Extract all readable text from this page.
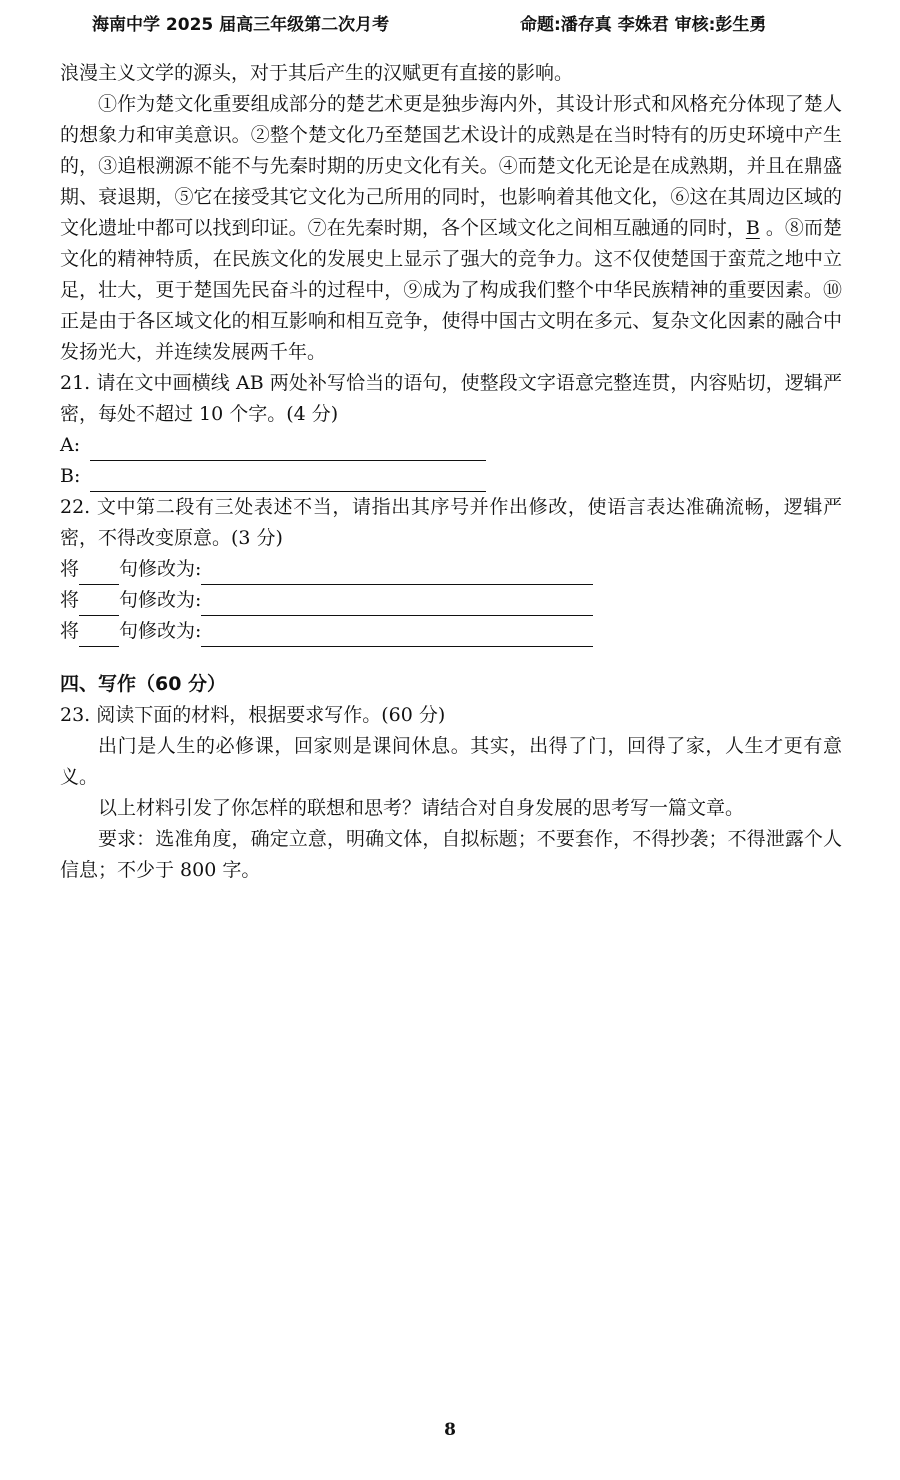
海南中学 2025 届高三年级第二次月考	命题:潘存真 李姝君 审核:彭生勇

浪漫主义文学的源头，对于其后产生的汉赋更有直接的影响。

①作为楚文化重要组成部分的楚艺术更是独步海内外，其设计形式和风格充分体现了楚人的想象力和审美意识。②整个楚文化乃至楚国艺术设计的成熟是在当时特有的历史环境中产生的，③追根溯源不能不与先秦时期的历史文化有关。④而楚文化无论是在成熟期，并且在鼎盛期、衰退期，⑤它在接受其它文化为己所用的同时，也影响着其他文化，⑥这在其周边区域的文化遗址中都可以找到印证。⑦在先秦时期，各个区域文化之间相互融通的同时，B 。⑧而楚文化的精神特质，在民族文化的发展史上显示了强大的竞争力。这不仅使楚国于蛮荒之地中立足，壮大，更于楚国先民奋斗的过程中，⑨成为了构成我们整个中华民族精神的重要因素。⑩正是由于各区域文化的相互影响和相互竞争，使得中国古文明在多元、复杂文化因素的融合中发扬光大，并连续发展两千年。

21. 请在文中画横线 AB 两处补写恰当的语句，使整段文字语意完整连贯，内容贴切，逻辑严密，每处不超过 10 个字。(4 分)

A:
B:

22. 文中第二段有三处表述不当，请指出其序号并作出修改，使语言表达准确流畅，逻辑严密，不得改变原意。(3 分)

将 句修改为:
将 句修改为:
将 句修改为:
四、写作（60 分）

23. 阅读下面的材料，根据要求写作。(60 分)

出门是人生的必修课，回家则是课间休息。其实，出得了门，回得了家，人生才更有意义。

以上材料引发了你怎样的联想和思考？请结合对自身发展的思考写一篇文章。

要求：选准角度，确定立意，明确文体，自拟标题；不要套作，不得抄袭；不得泄露个人信息；不少于 800 字。

8
